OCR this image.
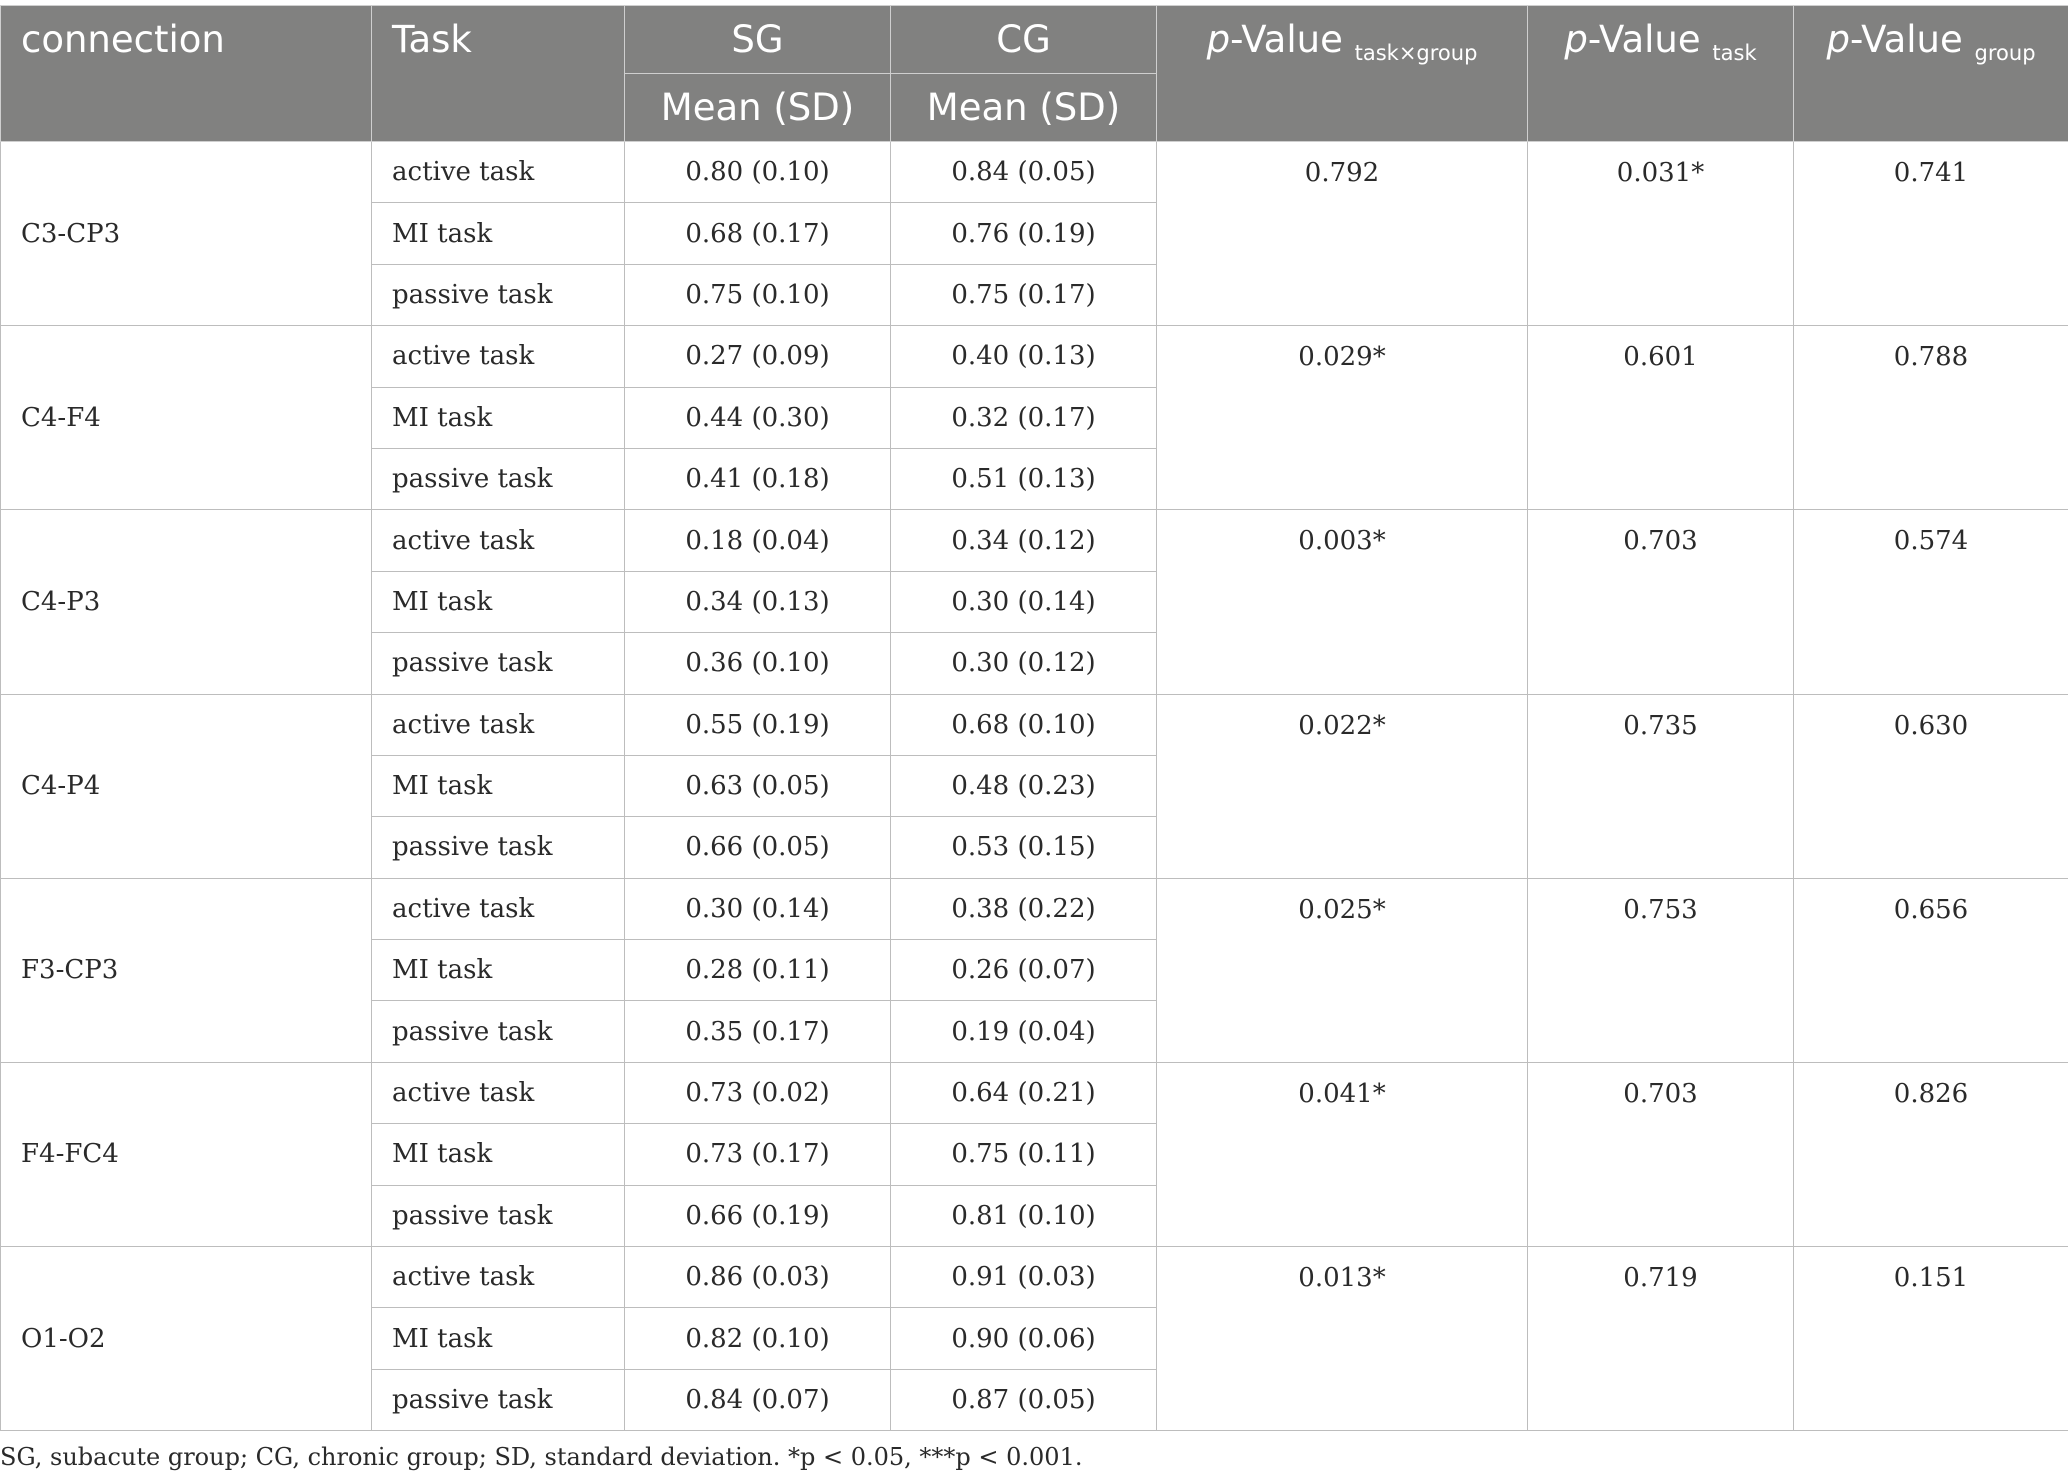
connection	Task	SG	CG	p-Value $_{task\times group}$	p-Value $_{task}$	p-Value $_{group}$
		Mean (SD)	Mean (SD)			
C3-CP3	active task	0.80 (0.10)	0.84 (0.05)	0.792	0.031*	0.741
	MI task	0.68 (0.17)	0.76 (0.19)			
	passive task	0.75 (0.10)	0.75 (0.17)			
C4-F4	active task	0.27 (0.09)	0.40 (0.13)	0.029*	0.601	0.788
	MI task	0.44 (0.30)	0.32 (0.17)			
	passive task	0.41 (0.18)	0.51 (0.13)			
C4-P3	active task	0.18 (0.04)	0.34 (0.12)	0.003*	0.703	0.574
	MI task	0.34 (0.13)	0.30 (0.14)			
	passive task	0.36 (0.10)	0.30 (0.12)			
C4-P4	active task	0.55 (0.19)	0.68 (0.10)	0.022*	0.735	0.630
	MI task	0.63 (0.05)	0.48 (0.23)			
	passive task	0.66 (0.05)	0.53 (0.15)			
F3-CP3	active task	0.30 (0.14)	0.38 (0.22)	0.025*	0.753	0.656
	MI task	0.28 (0.11)	0.26 (0.07)			
	passive task	0.35 (0.17)	0.19 (0.04)			
F4-FC4	active task	0.73 (0.02)	0.64 (0.21)	0.041*	0.703	0.826
	MI task	0.73 (0.17)	0.75 (0.11)			
	passive task	0.66 (0.19)	0.81 (0.10)			
O1-O2	active task	0.86 (0.03)	0.91 (0.03)	0.013*	0.719	0.151
	MI task	0.82 (0.10)	0.90 (0.06)			
	passive task	0.84 (0.07)	0.87 (0.05)			
SG, subacute group; CG, chronic group; SD, standard deviation. *p < 0.05, ***p < 0.001.
